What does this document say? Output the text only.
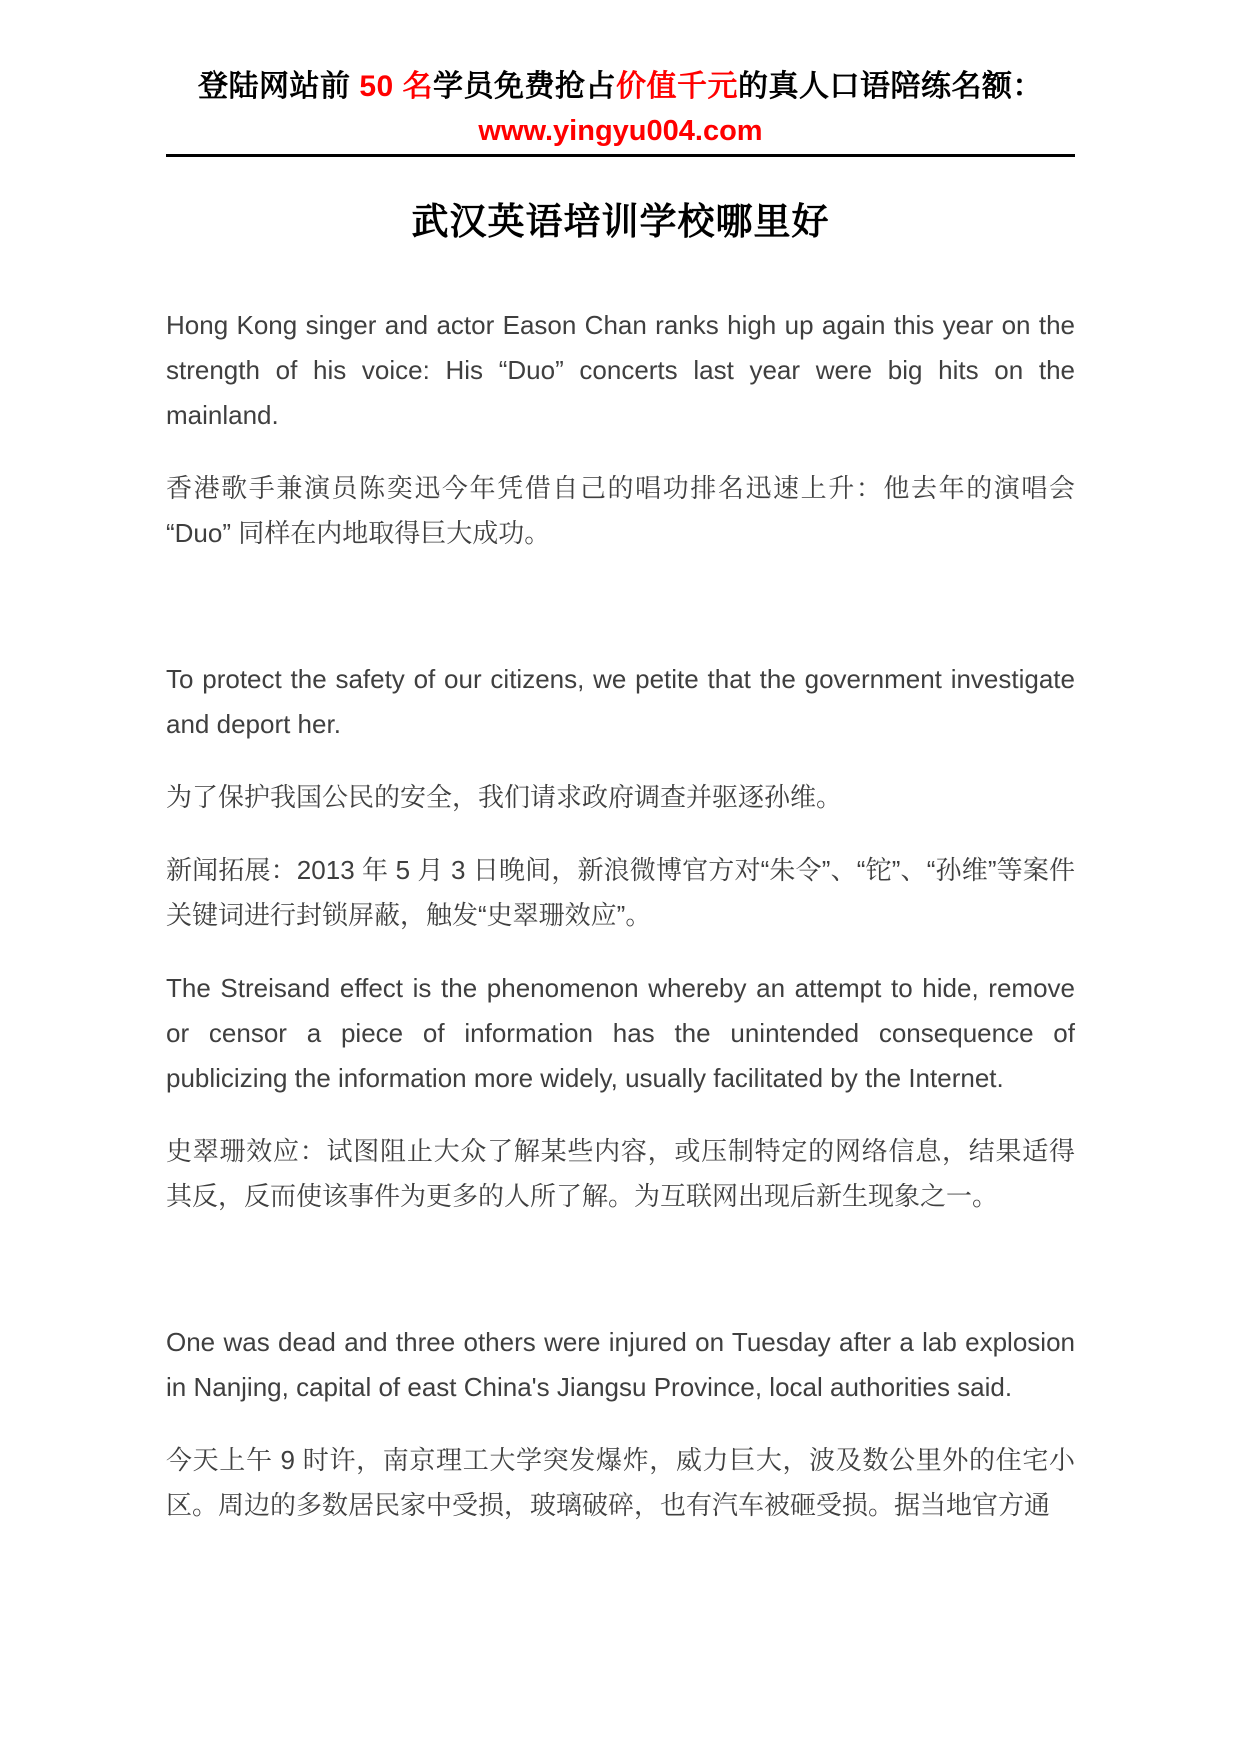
登陆网站前 50 名学员免费抢占价值千元的真人口语陪练名额：
www.yingyu004.com
武汉英语培训学校哪里好

Hong Kong singer and actor Eason Chan ranks high up again this year on the strength of his voice: His “Duo” concerts last year were big hits on the mainland.

香港歌手兼演员陈奕迅今年凭借自己的唱功排名迅速上升：他去年的演唱会 “Duo” 同样在内地取得巨大成功。

To protect the safety of our citizens, we petite that the government investigate and deport her.

为了保护我国公民的安全，我们请求政府调查并驱逐孙维。

新闻拓展：2013 年 5 月 3 日晚间，新浪微博官方对“朱令”、“铊”、“孙维”等案件关键词进行封锁屏蔽，触发“史翠珊效应”。

The Streisand effect is the phenomenon whereby an attempt to hide, remove or censor a piece of information has the unintended consequence of publicizing the information more widely, usually facilitated by the Internet.

史翠珊效应：试图阻止大众了解某些内容，或压制特定的网络信息，结果适得其反，反而使该事件为更多的人所了解。为互联网出现后新生现象之一。

One was dead and three others were injured on Tuesday after a lab explosion in Nanjing, capital of east China's Jiangsu Province, local authorities said.

今天上午 9 时许，南京理工大学突发爆炸，威力巨大，波及数公里外的住宅小区。周边的多数居民家中受损，玻璃破碎，也有汽车被砸受损。据当地官方通
